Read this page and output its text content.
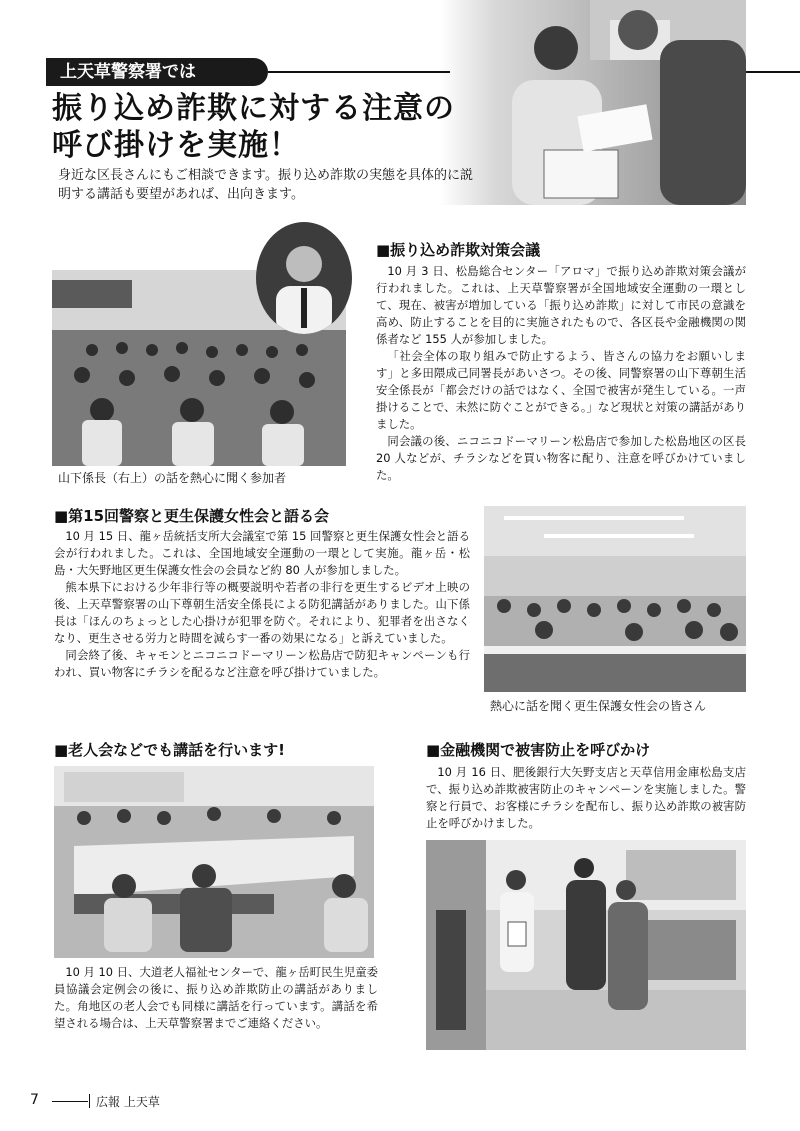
上天草警察署では
振り込め詐欺に対する注意の
呼び掛けを実施！
身近な区長さんにもご相談できます。振り込め詐欺の実態を具体的に説明する講話も要望があれば、出向きます。
山下係長（右上）の話を熱心に聞く参加者
■振り込め詐欺対策会議

10 月 3 日、松島総合センター「アロマ」で振り込め詐欺対策会議が行われました。これは、上天草警察署が全国地域安全運動の一環として、現在、被害が増加している「振り込め詐欺」に対して市民の意識を高め、防止することを目的に実施されたもので、各区長や金融機関の関係者など 155 人が参加しました。

「社会全体の取り組みで防止するよう、皆さんの協力をお願いします」と多田隈成己同署長があいさつ。その後、同警察署の山下尊朝生活安全係長が「都会だけの話ではなく、全国で被害が発生している。一声掛けることで、未然に防ぐことができる。」など現状と対策の講話がありました。

同会議の後、ニコニコドーマリーン松島店で参加した松島地区の区長 20 人などが、チラシなどを買い物客に配り、注意を呼びかけていました。

■第15回警察と更生保護女性会と語る会

10 月 15 日、龍ヶ岳統括支所大会議室で第 15 回警察と更生保護女性会と語る会が行われました。これは、全国地域安全運動の一環として実施。龍ヶ岳・松島・大矢野地区更生保護女性会の会員など約 80 人が参加しました。

熊本県下における少年非行等の概要説明や若者の非行を更生するビデオ上映の後、上天草警察署の山下尊朝生活安全係長による防犯講話がありました。山下係長は「ほんのちょっとした心掛けが犯罪を防ぐ。それにより、犯罪者を出さなくなり、更生させる労力と時間を減らす一番の効果になる」と訴えていました。

同会終了後、キャモンとニコニコドーマリーン松島店で防犯キャンペーンも行われ、買い物客にチラシを配るなど注意を呼び掛けていました。

熱心に話を聞く更生保護女性会の皆さん
■老人会などでも講話を行います!

10 月 10 日、大道老人福祉センターで、龍ヶ岳町民生児童委員協議会定例会の後に、振り込め詐欺防止の講話がありました。角地区の老人会でも同様に講話を行っています。講話を希望される場合は、上天草警察署までご連絡ください。

■金融機関で被害防止を呼びかけ

10 月 16 日、肥後銀行大矢野支店と天草信用金庫松島支店で、振り込め詐欺被害防止のキャンペーンを実施しました。警察と行員で、お客様にチラシを配布し、振り込め詐欺の被害防止を呼びかけました。

7	広報 上天草
